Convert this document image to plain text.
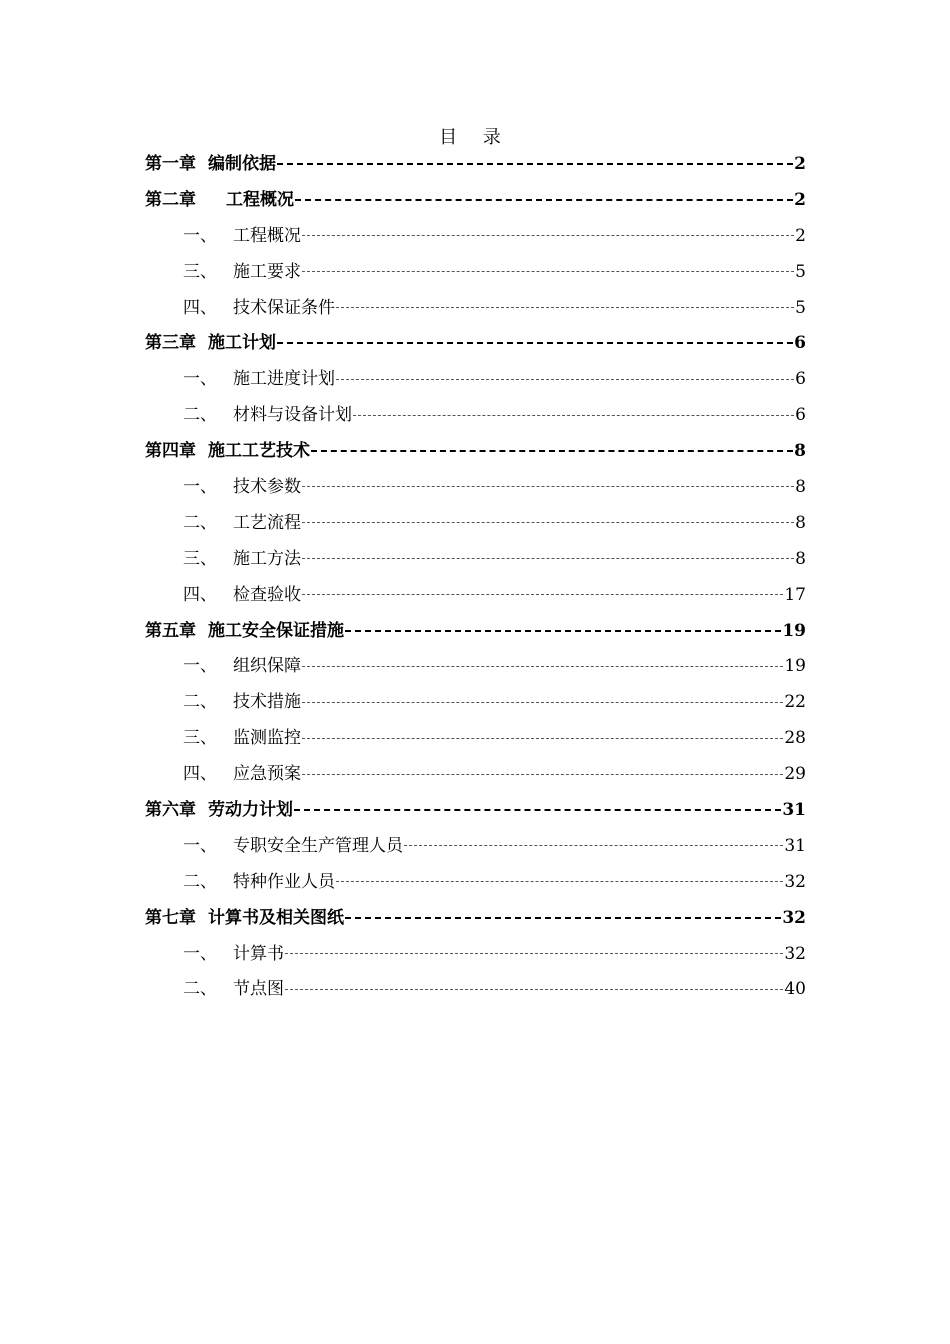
目 录
第一章 编制依据	2
第二章 工程概况	2
一、 工程概况	2
三、 施工要求	5
四、 技术保证条件	5
第三章 施工计划	6
一、 施工进度计划	6
二、 材料与设备计划	6
第四章 施工工艺技术	8
一、 技术参数	8
二、 工艺流程	8
三、 施工方法	8
四、 检查验收	17
第五章 施工安全保证措施	19
一、 组织保障	19
二、 技术措施	22
三、 监测监控	28
四、 应急预案	29
第六章 劳动力计划	31
一、 专职安全生产管理人员	31
二、 特种作业人员	32
第七章 计算书及相关图纸	32
一、 计算书	32
二、 节点图	40
